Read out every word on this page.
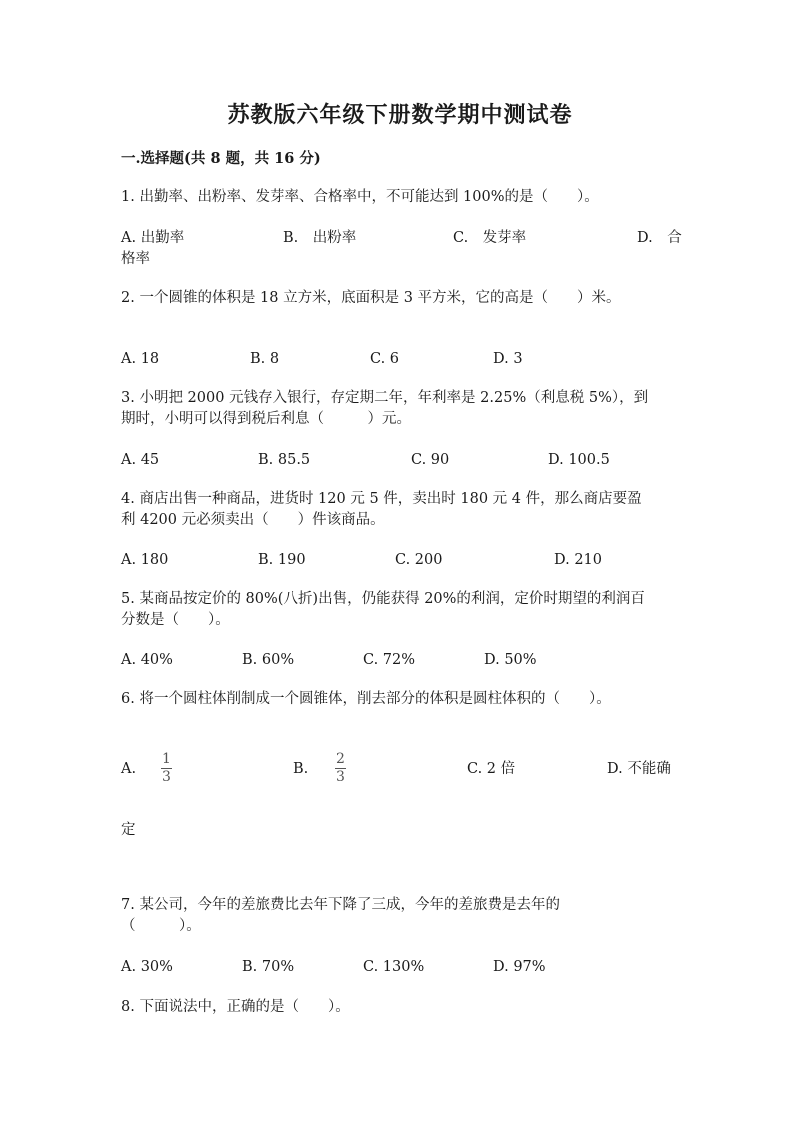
苏教版六年级下册数学期中测试卷
一.选择题(共 8 题，共 16 分)
1. 出勤率、出粉率、发芽率、合格率中，不可能达到 100%的是（　　）。
A. 出勤率	B.　出粉率	C.　发芽率	D.　合
格率
2. 一个圆锥的体积是 18 立方米，底面积是 3 平方米，它的高是（　　）米。
A. 18	B. 8	C. 6	D. 3
3. 小明把 2000 元钱存入银行，存定期二年，年利率是 2.25%（利息税 5%），到
期时，小明可以得到税后利息（　　　）元。
A. 45	B. 85.5	C. 90	D. 100.5
4. 商店出售一种商品，进货时 120 元 5 件，卖出时 180 元 4 件，那么商店要盈
利 4200 元必须卖出（　　）件该商品。
A. 180	B. 190	C. 200	D. 210
5. 某商品按定价的 80%(八折)出售，仍能获得 20%的利润，定价时期望的利润百
分数是（　　）。
A. 40%	B. 60%	C. 72%	D. 50%
6. 将一个圆柱体削制成一个圆锥体，削去部分的体积是圆柱体积的（　　）。
A.
1
3	B.
2
3	C. 2 倍	D. 不能确
定
7. 某公司，今年的差旅费比去年下降了三成，今年的差旅费是去年的
（　　　）。
A. 30%	B. 70%	C. 130%	D. 97%
8. 下面说法中，正确的是（　　）。
